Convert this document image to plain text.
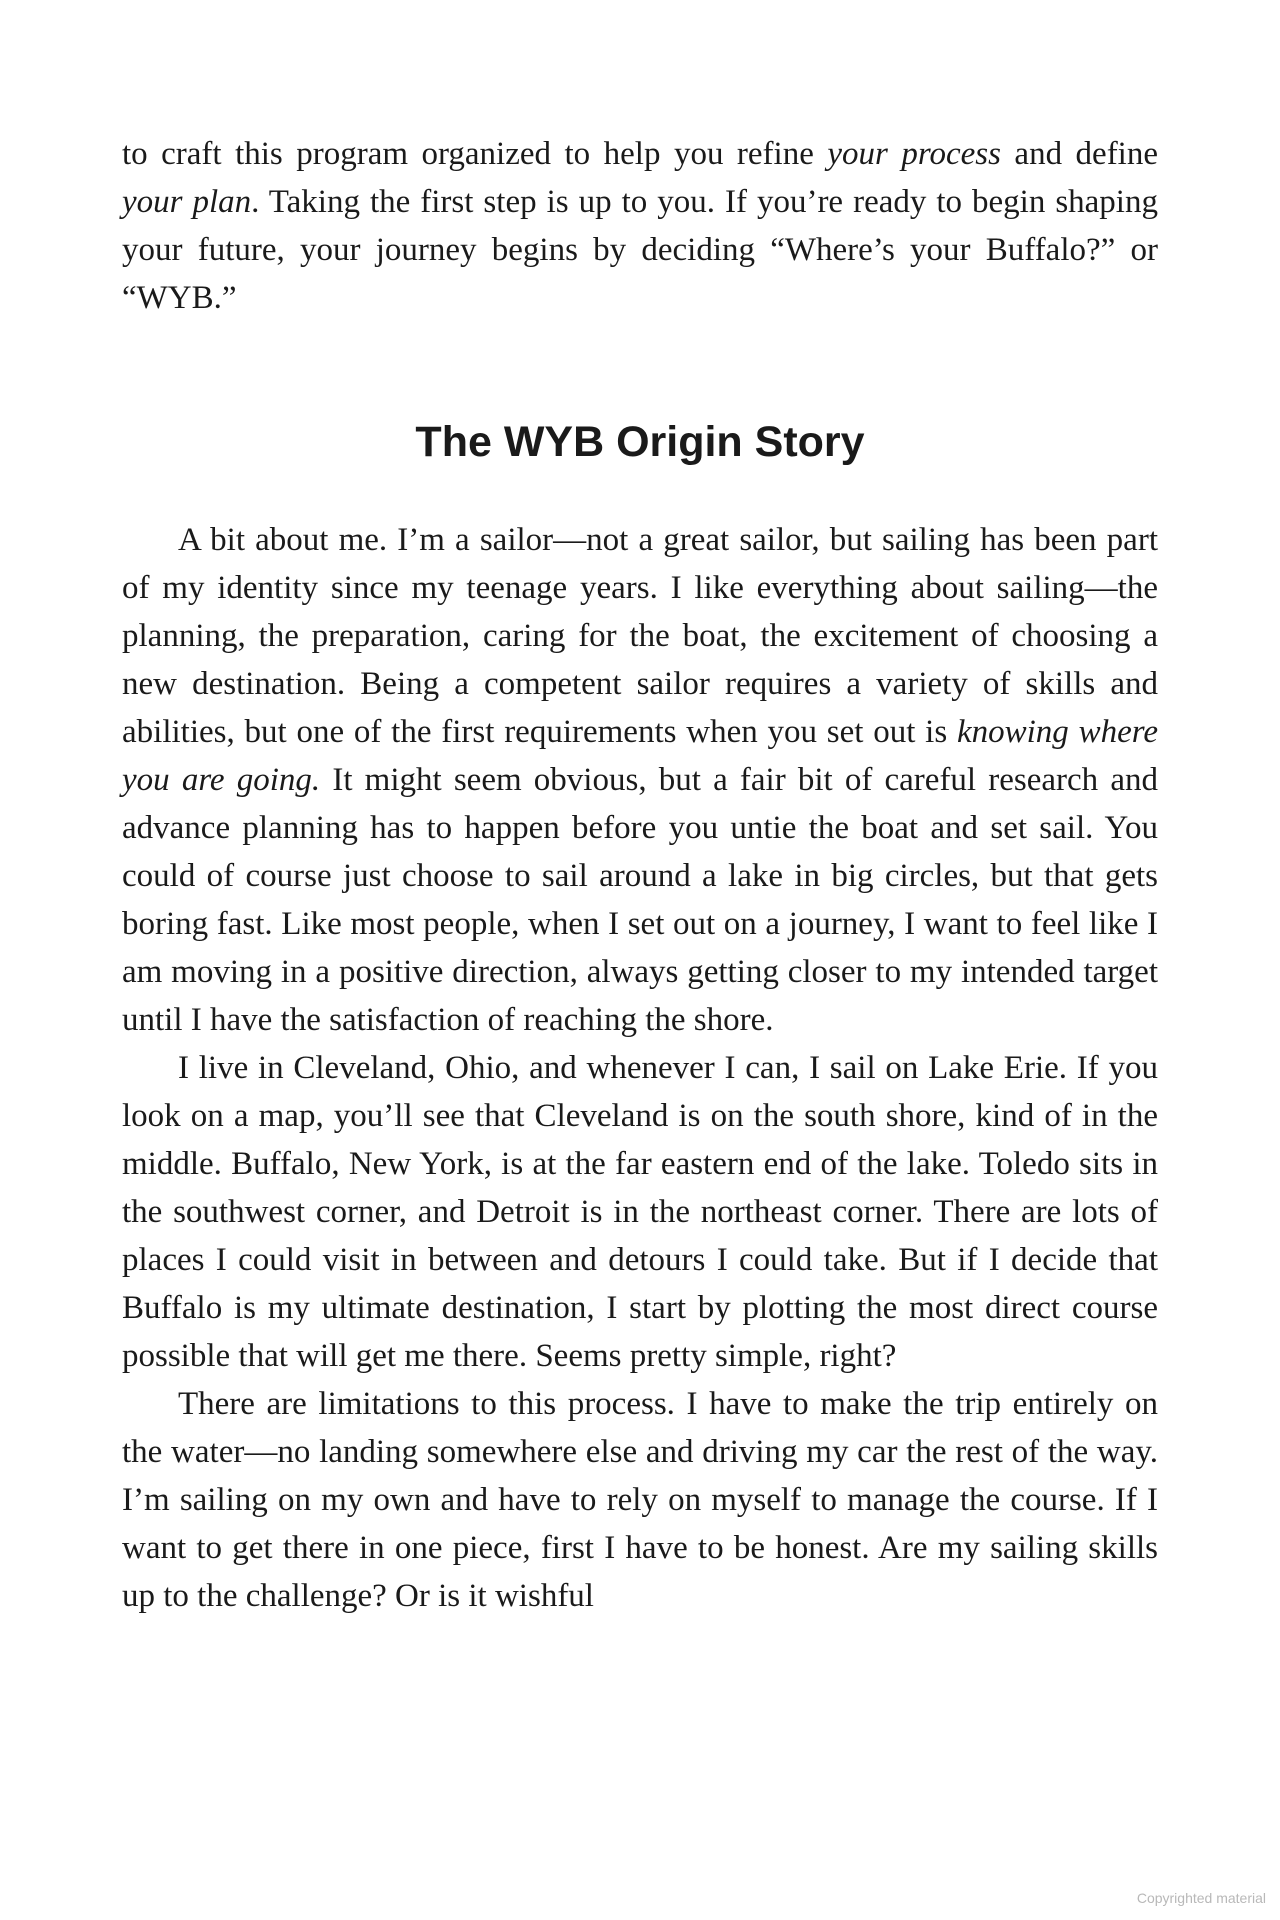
to craft this program organized to help you refine your process and define your plan. Taking the first step is up to you. If you’re ready to begin shaping your future, your journey begins by deciding “Where’s your Buffalo?” or “WYB.”

The WYB Origin Story

A bit about me. I’m a sailor—not a great sailor, but sailing has been part of my identity since my teenage years. I like everything about sailing—the planning, the preparation, caring for the boat, the excitement of choosing a new destination. Being a competent sailor requires a variety of skills and abilities, but one of the first requirements when you set out is knowing where you are going. It might seem obvious, but a fair bit of careful research and advance planning has to happen before you untie the boat and set sail. You could of course just choose to sail around a lake in big circles, but that gets boring fast. Like most people, when I set out on a journey, I want to feel like I am moving in a positive direction, always getting closer to my intended target until I have the satisfaction of reaching the shore.

I live in Cleveland, Ohio, and whenever I can, I sail on Lake Erie. If you look on a map, you’ll see that Cleveland is on the south shore, kind of in the middle. Buffalo, New York, is at the far eastern end of the lake. Toledo sits in the southwest corner, and Detroit is in the northeast corner. There are lots of places I could visit in between and detours I could take. But if I decide that Buffalo is my ultimate destination, I start by plotting the most direct course possible that will get me there. Seems pretty simple, right?

There are limitations to this process. I have to make the trip entirely on the water—no landing somewhere else and driving my car the rest of the way. I’m sailing on my own and have to rely on myself to manage the course. If I want to get there in one piece, first I have to be honest. Are my sailing skills up to the challenge? Or is it wishful

Copyrighted material
